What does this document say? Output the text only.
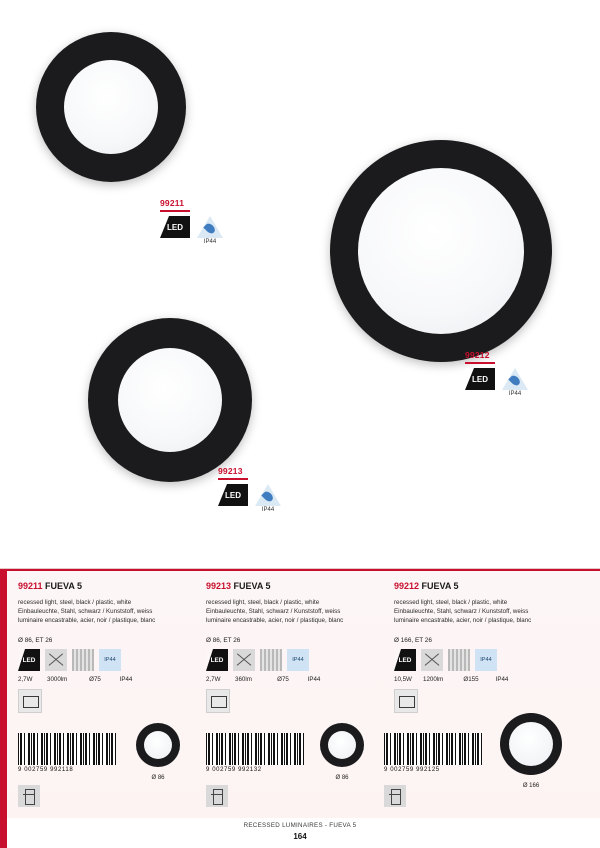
99211
LED
IP44
99212
LED
IP44
99213
LED
IP44
99211 FUEVA 5
recessed light, steel, black / plastic, white
Einbauleuchte, Stahl, schwarz / Kunststoff, weiss
luminaire encastrable, acier, noir / plastique, blanc
Ø 86, ET 26
LED	IP44
2,7W	3000lm	Ø75	IP44
99213 FUEVA 5
recessed light, steel, black / plastic, white
Einbauleuchte, Stahl, schwarz / Kunststoff, weiss
luminaire encastrable, acier, noir / plastique, blanc
Ø 86, ET 26
LED	IP44
2,7W	360lm	Ø75	IP44
99212 FUEVA 5
recessed light, steel, black / plastic, white
Einbauleuchte, Stahl, schwarz / Kunststoff, weiss
luminaire encastrable, acier, noir / plastique, blanc
Ø 166, ET 26
LED	IP44
10,5W	1200lm	Ø155	IP44
9 002759 992118	9 002759 992132	9 002759 992125
Ø 86	Ø 86
Ø 166
RECESSED LUMINAIRES - FUEVA 5
164
